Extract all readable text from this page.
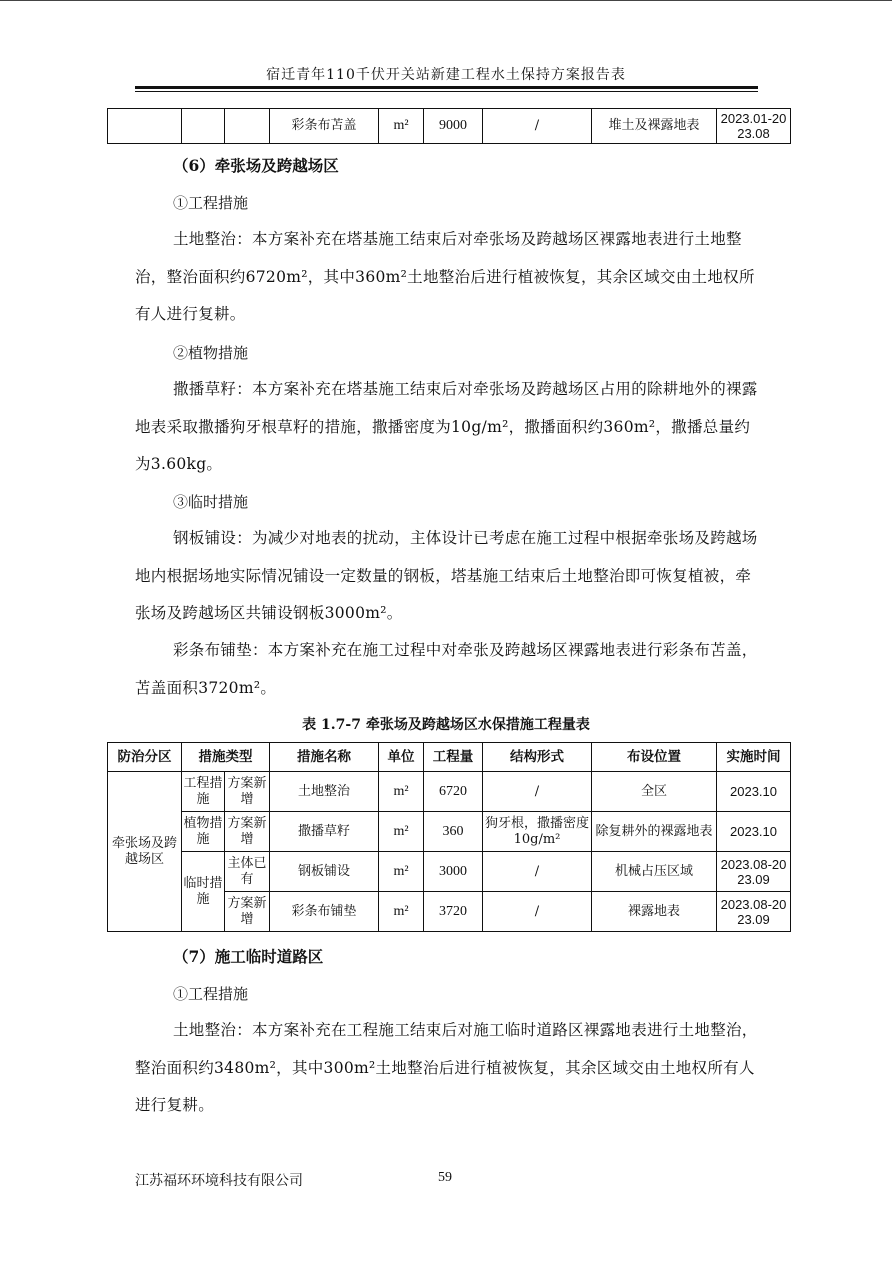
宿迁青年110千伏开关站新建工程水土保持方案报告表
			彩条布苫盖	m²	9000	/	堆土及裸露地表	2023.01-20
23.08
（6）牵张场及跨越场区
①工程措施

土地整治：本方案补充在塔基施工结束后对牵张场及跨越场区裸露地表进行土地整治，整治面积约6720m²，其中360m²土地整治后进行植被恢复，其余区域交由土地权所有人进行复耕。

②植物措施

撒播草籽：本方案补充在塔基施工结束后对牵张场及跨越场区占用的除耕地外的裸露地表采取撒播狗牙根草籽的措施，撒播密度为10g/m²，撒播面积约360m²，撒播总量约为3.60kg。

③临时措施

钢板铺设：为减少对地表的扰动，主体设计已考虑在施工过程中根据牵张场及跨越场地内根据场地实际情况铺设一定数量的钢板，塔基施工结束后土地整治即可恢复植被，牵张场及跨越场区共铺设钢板3000m²。

彩条布铺垫：本方案补充在施工过程中对牵张及跨越场区裸露地表进行彩条布苫盖，苫盖面积3720m²。

表 1.7-7 牵张场及跨越场区水保措施工程量表
防治分区	措施类型		措施名称	单位	工程量	结构形式	布设位置	实施时间
牵张场及跨越场区	工程措施	方案新增	土地整治	m²	6720	/	全区	2023.10
	植物措施	方案新增	撒播草籽	m²	360	狗牙根，撒播密度10g/m²	除复耕外的裸露地表	2023.10
	临时措施	主体已有	钢板铺设	m²	3000	/	机械占压区域	2023.08-20
23.09

		方案新增	彩条布铺垫	m²	3720	/	裸露地表	2023.08-20
23.09
（7）施工临时道路区
①工程措施

土地整治：本方案补充在工程施工结束后对施工临时道路区裸露地表进行土地整治，整治面积约3480m²，其中300m²土地整治后进行植被恢复，其余区域交由土地权所有人进行复耕。

江苏福环环境科技有限公司	59
